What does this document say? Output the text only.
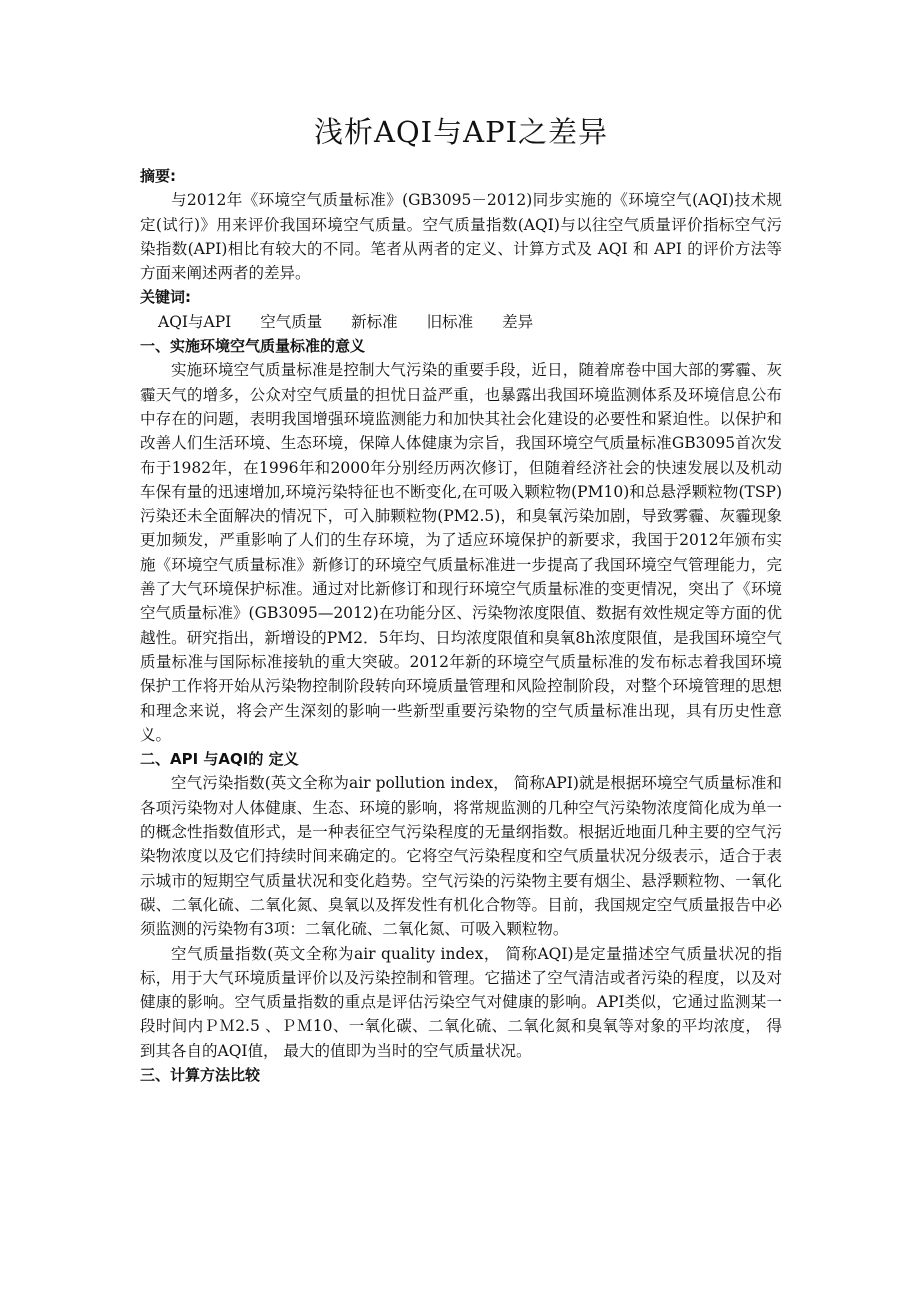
浅析AQI与API之差异
摘要:

与2012年《环境空气质量标准》(GB3095－2012)同步实施的《环境空气(AQI)技术规定(试行)》用来评价我国环境空气质量。空气质量指数(AQI)与以往空气质量评价指标空气污染指数(API)相比有较大的不同。笔者从两者的定义、计算方式及 AQI 和 API 的评价方法等方面来阐述两者的差异。

关键词:
AQI与API 空气质量 新标准 旧标准 差异
一、实施环境空气质量标准的意义

实施环境空气质量标准是控制大气污染的重要手段，近日，随着席卷中国大部的雾霾、灰霾天气的增多，公众对空气质量的担忧日益严重，也暴露出我国环境监测体系及环境信息公布中存在的问题，表明我国增强环境监测能力和加快其社会化建设的必要性和紧迫性。以保护和改善人们生活环境、生态环境，保障人体健康为宗旨，我国环境空气质量标准GB3095首次发布于1982年，在1996年和2000年分别经历两次修订，但随着经济社会的快速发展以及机动车保有量的迅速增加,环境污染特征也不断变化,在可吸入颗粒物(PM10)和总悬浮颗粒物(TSP)污染还未全面解决的情况下，可入肺颗粒物(PM2.5)，和臭氧污染加剧，导致雾霾、灰霾现象更加频发，严重影响了人们的生存环境，为了适应环境保护的新要求，我国于2012年颁布实施《环境空气质量标准》新修订的环境空气质量标准进一步提高了我国环境空气管理能力，完善了大气环境保护标准。通过对比新修订和现行环境空气质量标准的变更情况，突出了《环境空气质量标准》(GB3095—2012)在功能分区、污染物浓度限值、数据有效性规定等方面的优越性。研究指出，新增设的PM2．5年均、日均浓度限值和臭氧8h浓度限值，是我国环境空气质量标准与国际标准接轨的重大突破。2012年新的环境空气质量标准的发布标志着我国环境保护工作将开始从污染物控制阶段转向环境质量管理和风险控制阶段，对整个环境管理的思想和理念来说，将会产生深刻的影响一些新型重要污染物的空气质量标准出现，具有历史性意义。

二、API 与AQI的 定义

空气污染指数(英文全称为air pollution index， 简称API)就是根据环境空气质量标准和各项污染物对人体健康、生态、环境的影响，将常规监测的几种空气污染物浓度简化成为单一的概念性指数值形式，是一种表征空气污染程度的无量纲指数。根据近地面几种主要的空气污染物浓度以及它们持续时间来确定的。它将空气污染程度和空气质量状况分级表示，适合于表示城市的短期空气质量状况和变化趋势。空气污染的污染物主要有烟尘、悬浮颗粒物、一氧化碳、二氧化硫、二氧化氮、臭氧以及挥发性有机化合物等。目前，我国规定空气质量报告中必须监测的污染物有3项：二氧化硫、二氧化氮、可吸入颗粒物。

空气质量指数(英文全称为air quality index， 简称AQI)是定量描述空气质量状况的指标，用于大气环境质量评价以及污染控制和管理。它描述了空气清洁或者污染的程度，以及对健康的影响。空气质量指数的重点是评估污染空气对健康的影响。API类似，它通过监测某一段时间内ＰＭ2.5 、ＰＭ10、一氧化碳、二氧化硫、二氧化氮和臭氧等对象的平均浓度， 得到其各自的AQI值， 最大的值即为当时的空气质量状况。

三、计算方法比较
